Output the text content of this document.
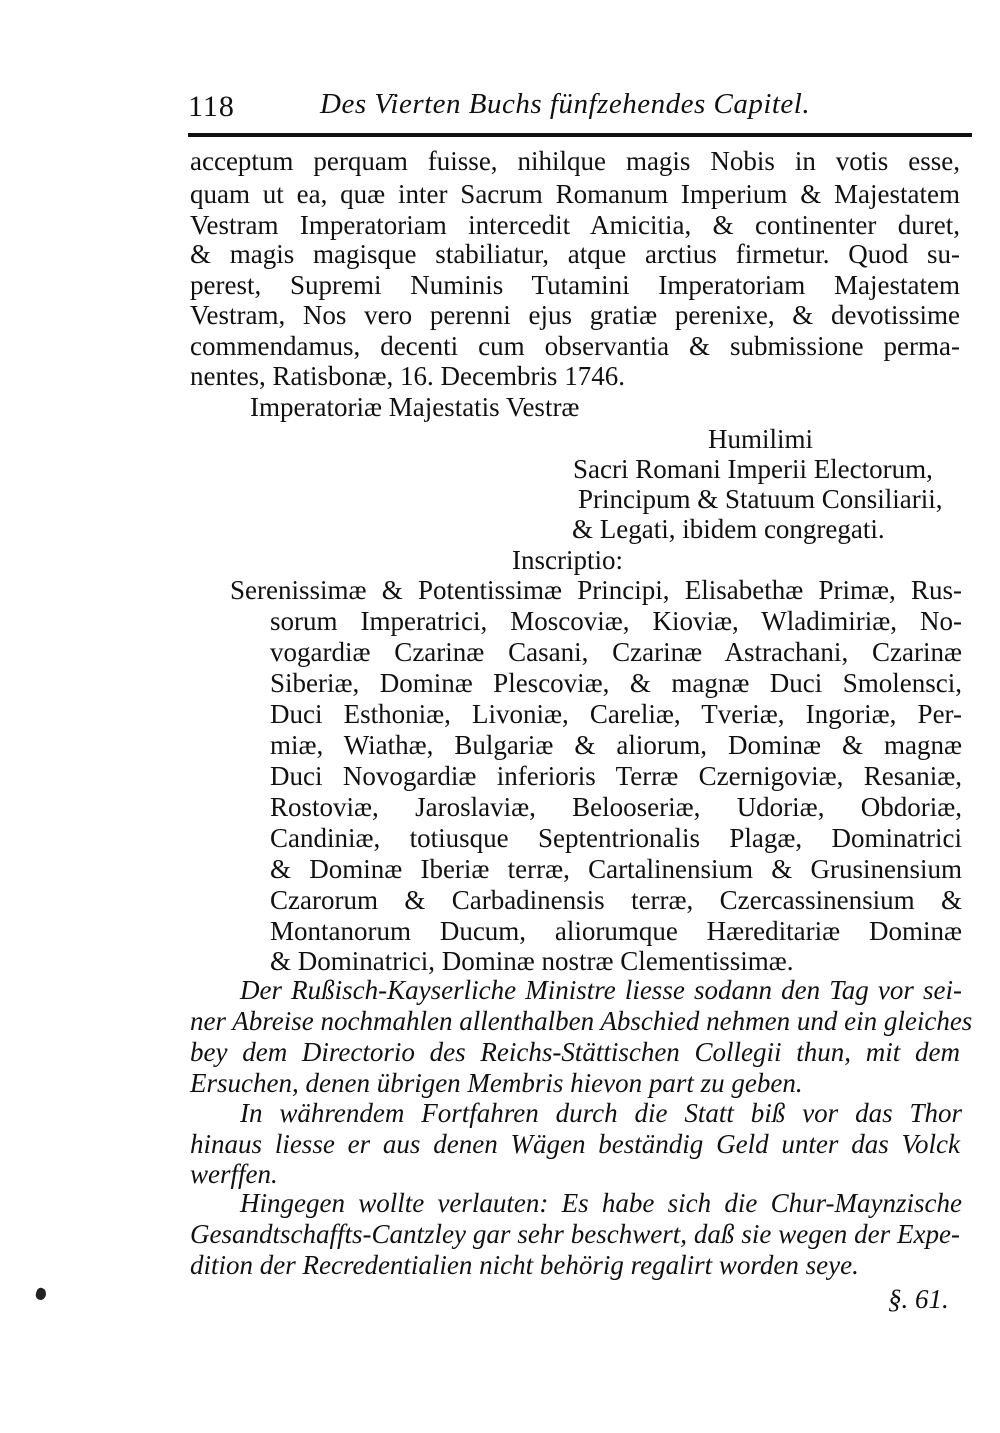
118	Des Vierten Buchs fünfzehendes Capitel.
acceptum perquam fuisse, nihilque magis Nobis in votis esse,
quam ut ea, quæ inter Sacrum Romanum Imperium & Majestatem
Vestram Imperatoriam intercedit Amicitia, & continenter duret,
& magis magisque stabiliatur, atque arctius firmetur. Quod su-
perest, Supremi Numinis Tutamini Imperatoriam Majestatem
Vestram, Nos vero perenni ejus gratiæ perenixe, & devotissime
commendamus, decenti cum observantia & submissione perma-
nentes, Ratisbonæ, 16. Decembris 1746.
Imperatoriæ Majestatis Vestræ
Humilimi
Sacri Romani Imperii Electorum,
Principum & Statuum Consiliarii,
& Legati, ibidem congregati.
Inscriptio:
Serenissimæ & Potentissimæ Principi, Elisabethæ Primæ, Rus-
sorum Imperatrici, Moscoviæ, Kioviæ, Wladimiriæ, No-
vogardiæ Czarinæ Casani, Czarinæ Astrachani, Czarinæ
Siberiæ, Dominæ Plescoviæ, & magnæ Duci Smolensci,
Duci Esthoniæ, Livoniæ, Careliæ, Tveriæ, Ingoriæ, Per-
miæ, Wiathæ, Bulgariæ & aliorum, Dominæ & magnæ
Duci Novogardiæ inferioris Terræ Czernigoviæ, Resaniæ,
Rostoviæ, Jaroslaviæ, Belooseriæ, Udoriæ, Obdoriæ,
Candiniæ, totiusque Septentrionalis Plagæ, Dominatrici
& Dominæ Iberiæ terræ, Cartalinensium & Grusinensium
Czarorum & Carbadinensis terræ, Czercassinensium &
Montanorum Ducum, aliorumque Hæreditariæ Dominæ
& Dominatrici, Dominæ nostræ Clementissimæ.
Der Rußisch-Kayserliche Ministre liesse sodann den Tag vor sei-
ner Abreise nochmahlen allenthalben Abschied nehmen und ein gleiches
bey dem Directorio des Reichs-Stättischen Collegii thun, mit dem
Ersuchen, denen übrigen Membris hievon part zu geben.
In währendem Fortfahren durch die Statt biß vor das Thor
hinaus liesse er aus denen Wägen beständig Geld unter das Volck
werffen.
Hingegen wollte verlauten: Es habe sich die Chur-Maynzische
Gesandtschaffts-Cantzley gar sehr beschwert, daß sie wegen der Expe-
dition der Recredentialien nicht behörig regalirt worden seye.
§. 61.
